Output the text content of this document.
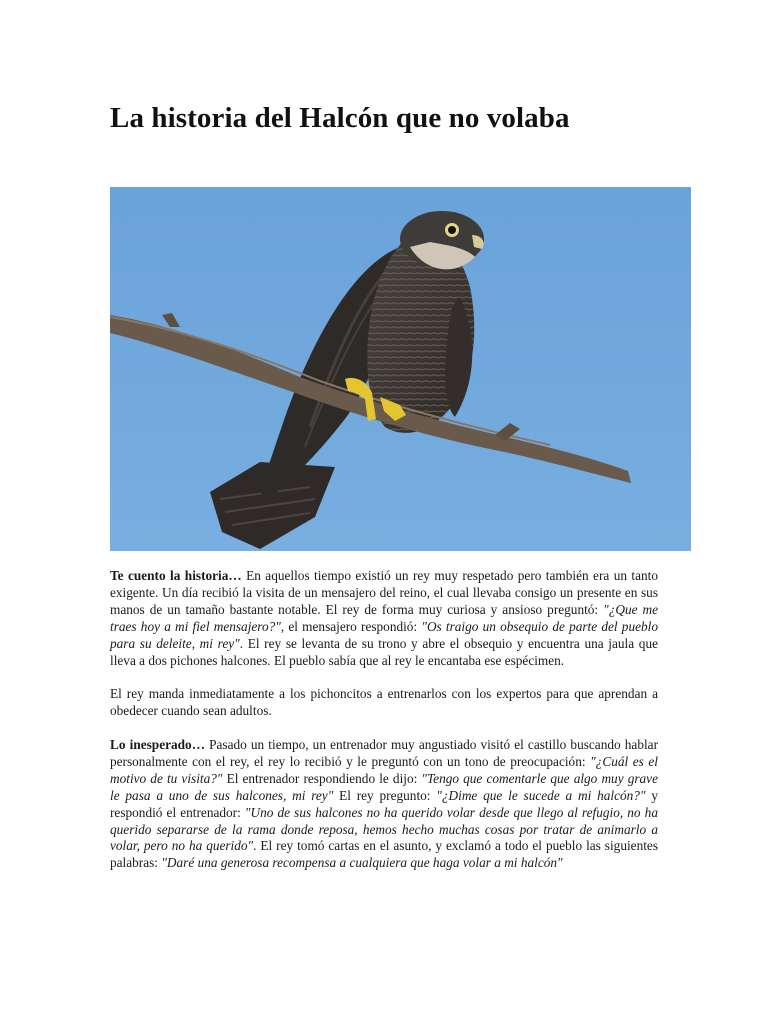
La historia del Halcón que no volaba

Te cuento la historia… En aquellos tiempo existió un rey muy respetado pero también era un tanto exigente. Un día recibió la visita de un mensajero del reino, el cual llevaba consigo un presente en sus manos de un tamaño bastante notable. El rey de forma muy curiosa y ansioso preguntó: "¿Que me traes hoy a mi fiel mensajero?", el mensajero respondió: "Os traigo un obsequio de parte del pueblo para su deleite, mi rey". El rey se levanta de su trono y abre el obsequio y encuentra una jaula que lleva a dos pichones halcones. El pueblo sabía que al rey le encantaba ese espécimen.

El rey manda inmediatamente a los pichoncitos a entrenarlos con los expertos para que aprendan a obedecer cuando sean adultos.

Lo inesperado… Pasado un tiempo, un entrenador muy angustiado visitó el castillo buscando hablar personalmente con el rey, el rey lo recibió y le preguntó con un tono de preocupación: "¿Cuál es el motivo de tu visita?" El entrenador respondiendo le dijo: "Tengo que comentarle que algo muy grave le pasa a uno de sus halcones, mi rey" El rey pregunto: "¿Dime que le sucede a mi halcón?" y respondió el entrenador: "Uno de sus halcones no ha querido volar desde que llego al refugio, no ha querido separarse de la rama donde reposa, hemos hecho muchas cosas por tratar de animarlo a volar, pero no ha querido". El rey tomó cartas en el asunto, y exclamó a todo el pueblo las siguientes palabras: "Daré una generosa recompensa a cualquiera que haga volar a mi halcón"
